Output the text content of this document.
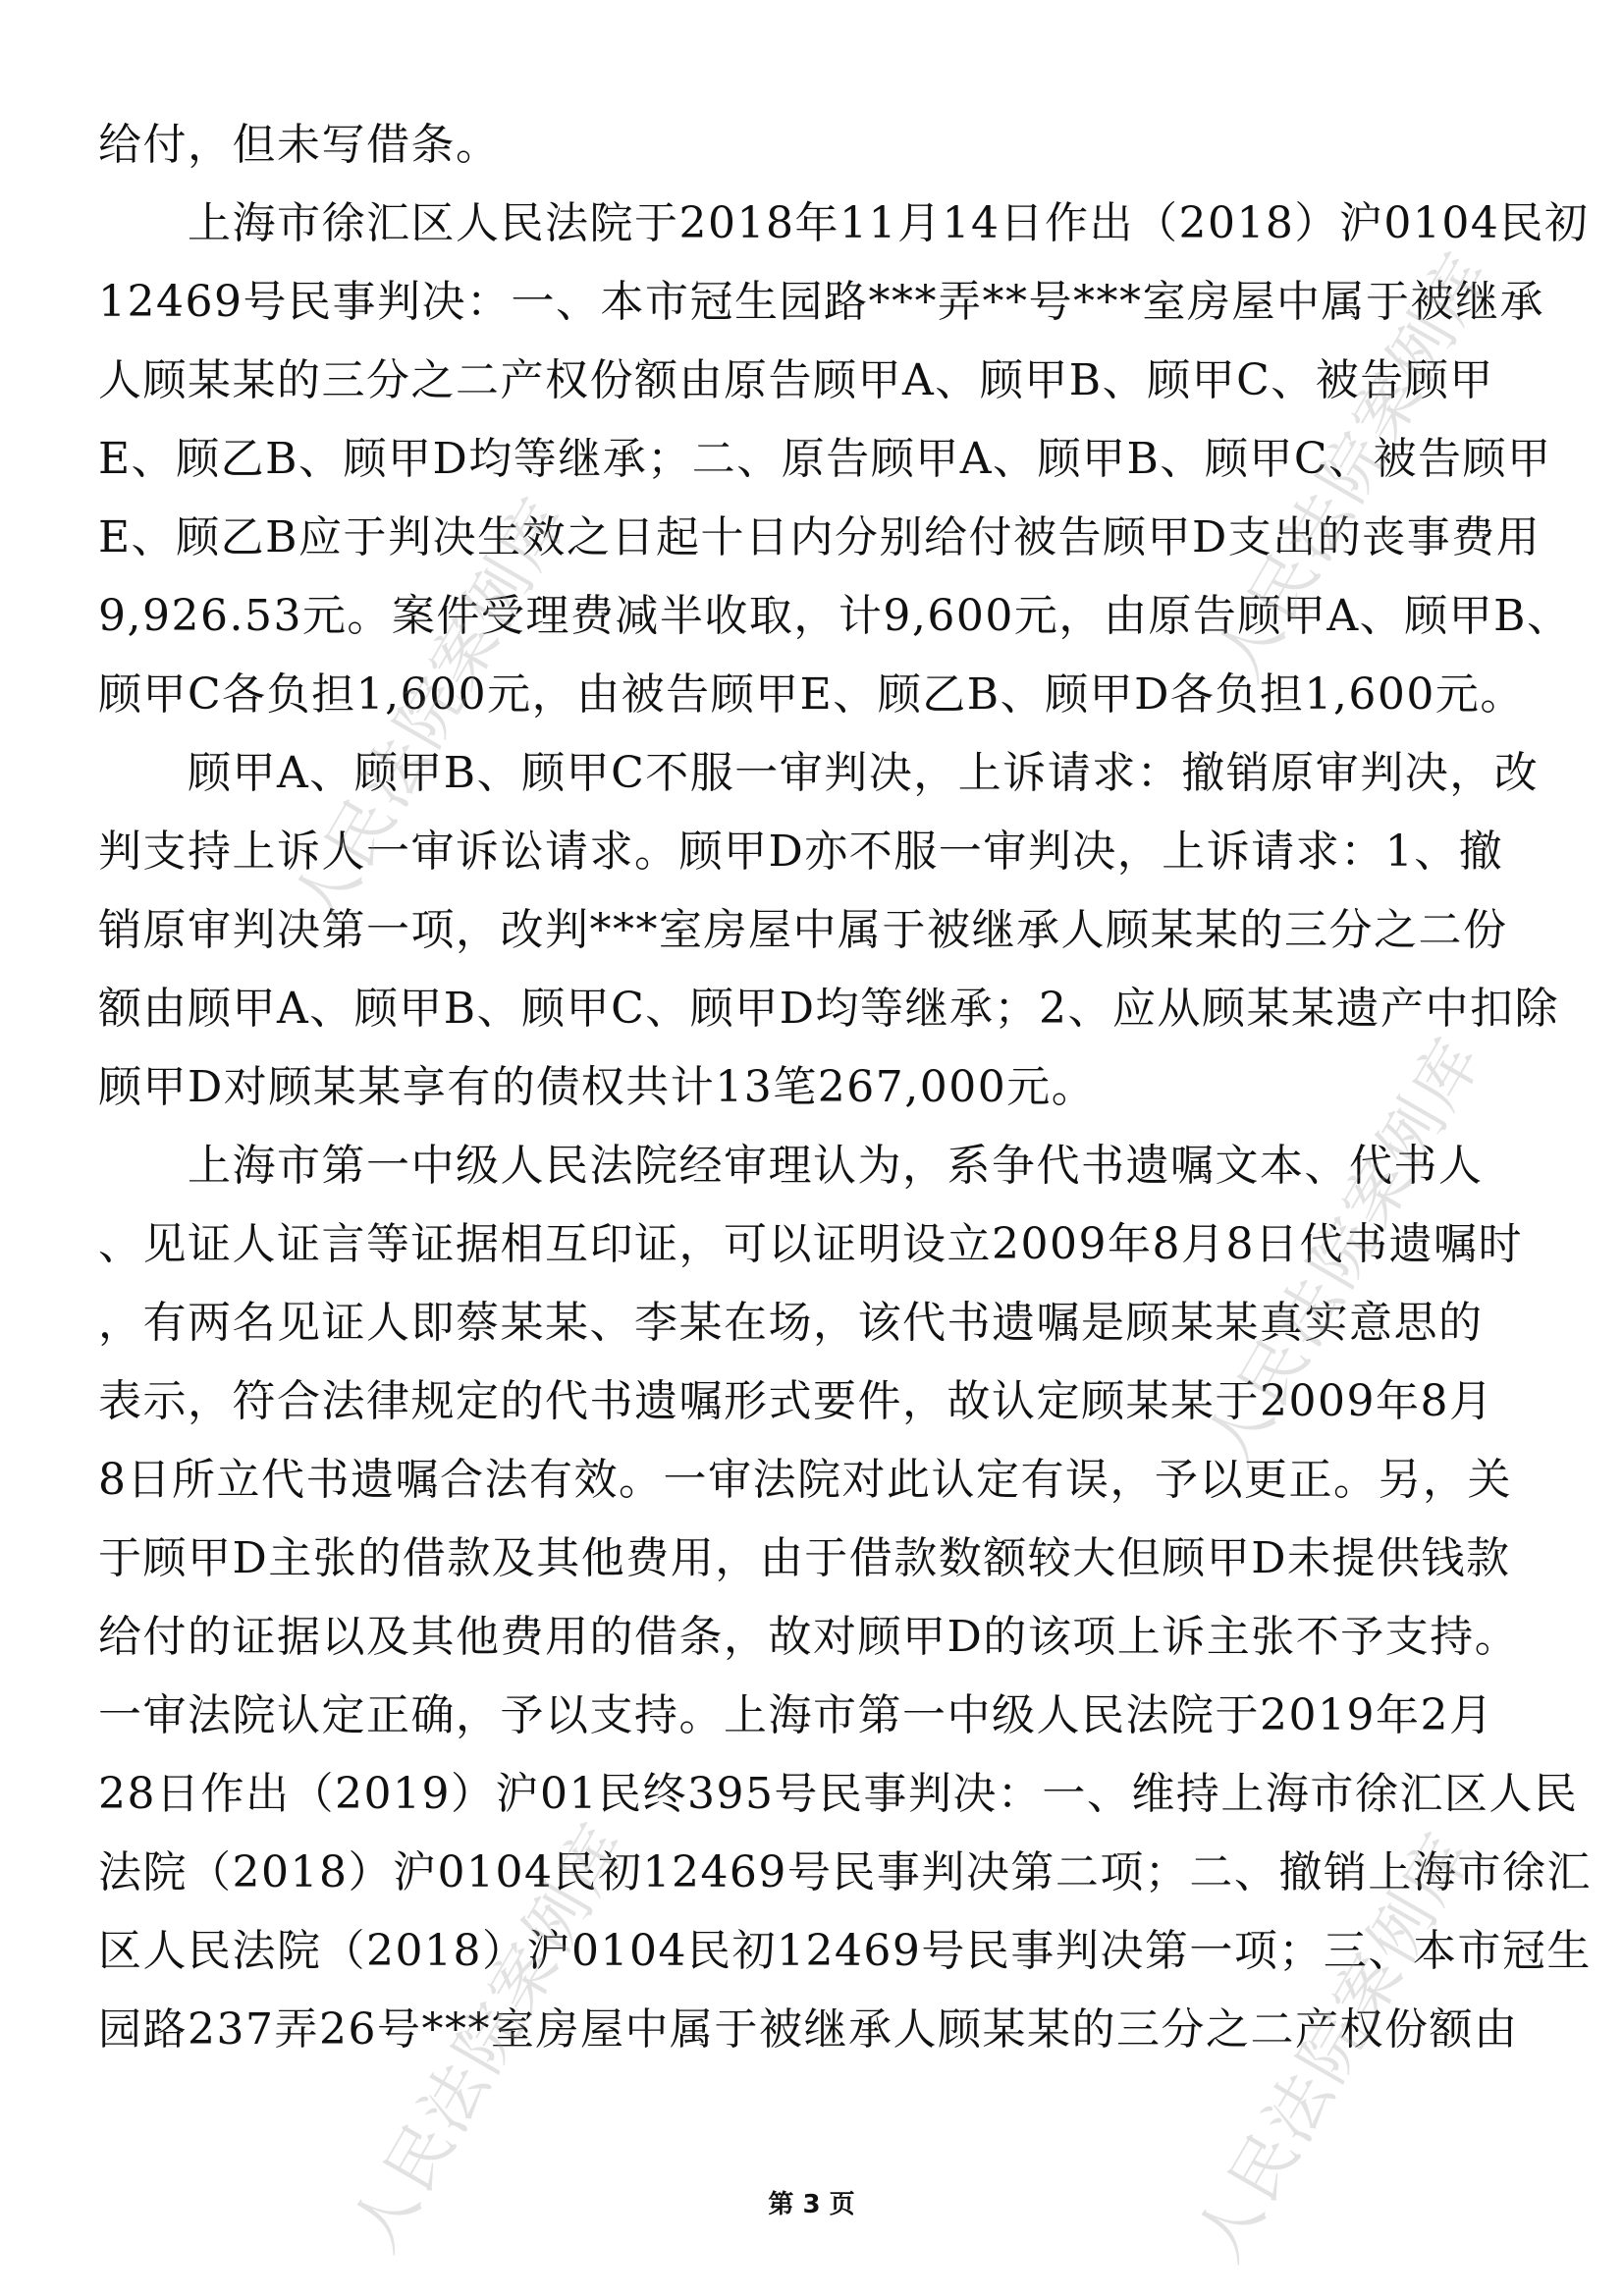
给付，但未写借条。
　　上海市徐汇区人民法院于2018年11月14日作出（2018）沪0104民初
12469号民事判决：一、本市冠生园路***弄**号***室房屋中属于被继承
人顾某某的三分之二产权份额由原告顾甲A、顾甲B、顾甲C、被告顾甲
E、顾乙B、顾甲D均等继承；二、原告顾甲A、顾甲B、顾甲C、被告顾甲
E、顾乙B应于判决生效之日起十日内分别给付被告顾甲D支出的丧事费用
9,926.53元。案件受理费减半收取，计9,600元，由原告顾甲A、顾甲B、
顾甲C各负担1,600元，由被告顾甲E、顾乙B、顾甲D各负担1,600元。
　　顾甲A、顾甲B、顾甲C不服一审判决，上诉请求：撤销原审判决，改
判支持上诉人一审诉讼请求。顾甲D亦不服一审判决，上诉请求：1、撤
销原审判决第一项，改判***室房屋中属于被继承人顾某某的三分之二份
额由顾甲A、顾甲B、顾甲C、顾甲D均等继承；2、应从顾某某遗产中扣除
顾甲D对顾某某享有的债权共计13笔267,000元。
　　上海市第一中级人民法院经审理认为，系争代书遗嘱文本、代书人
、见证人证言等证据相互印证，可以证明设立2009年8月8日代书遗嘱时
，有两名见证人即蔡某某、李某在场，该代书遗嘱是顾某某真实意思的
表示，符合法律规定的代书遗嘱形式要件，故认定顾某某于2009年8月
8日所立代书遗嘱合法有效。一审法院对此认定有误，予以更正。另，关
于顾甲D主张的借款及其他费用，由于借款数额较大但顾甲D未提供钱款
给付的证据以及其他费用的借条，故对顾甲D的该项上诉主张不予支持。
一审法院认定正确，予以支持。上海市第一中级人民法院于2019年2月
28日作出（2019）沪01民终395号民事判决：一、维持上海市徐汇区人民
法院（2018）沪0104民初12469号民事判决第二项；二、撤销上海市徐汇
区人民法院（2018）沪0104民初12469号民事判决第一项；三、本市冠生
园路237弄26号***室房屋中属于被继承人顾某某的三分之二产权份额由
人民法院案例库
人民法院案例库
人民法院案例库
人民法院案例库	人民法院案例库
第 3 页
